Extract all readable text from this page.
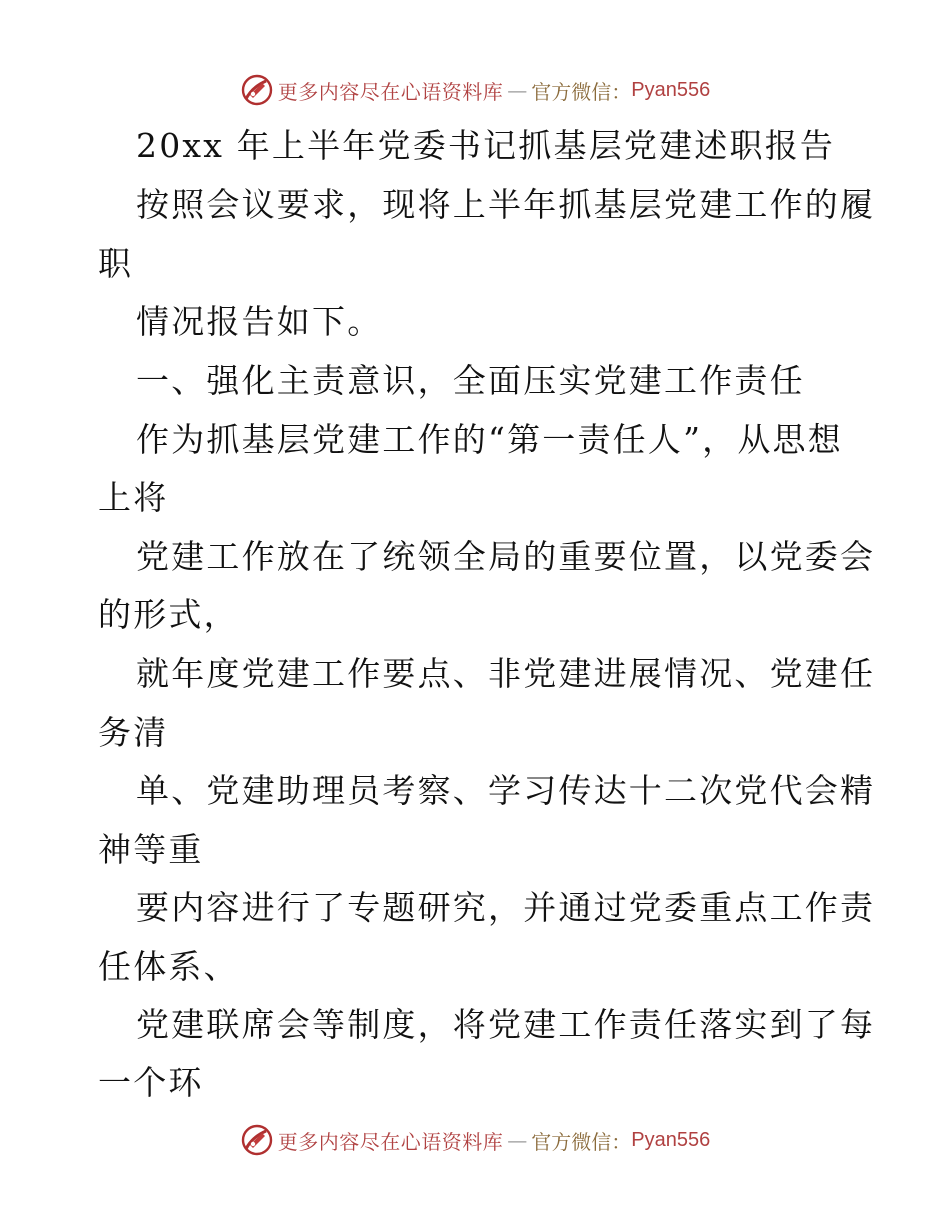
更多内容尽在心语资料库 — 官方微信： Pyan556
20xx 年上半年党委书记抓基层党建述职报告
按照会议要求，现将上半年抓基层党建工作的履
职
情况报告如下。
一、强化主责意识，全面压实党建工作责任
作为抓基层党建工作的“第一责任人”，从思想
上将
党建工作放在了统领全局的重要位置，以党委会
的形式，
就年度党建工作要点、非党建进展情况、党建任
务清
单、党建助理员考察、学习传达十二次党代会精
神等重
要内容进行了专题研究，并通过党委重点工作责
任体系、
党建联席会等制度，将党建工作责任落实到了每
一个环
更多内容尽在心语资料库 — 官方微信： Pyan556
